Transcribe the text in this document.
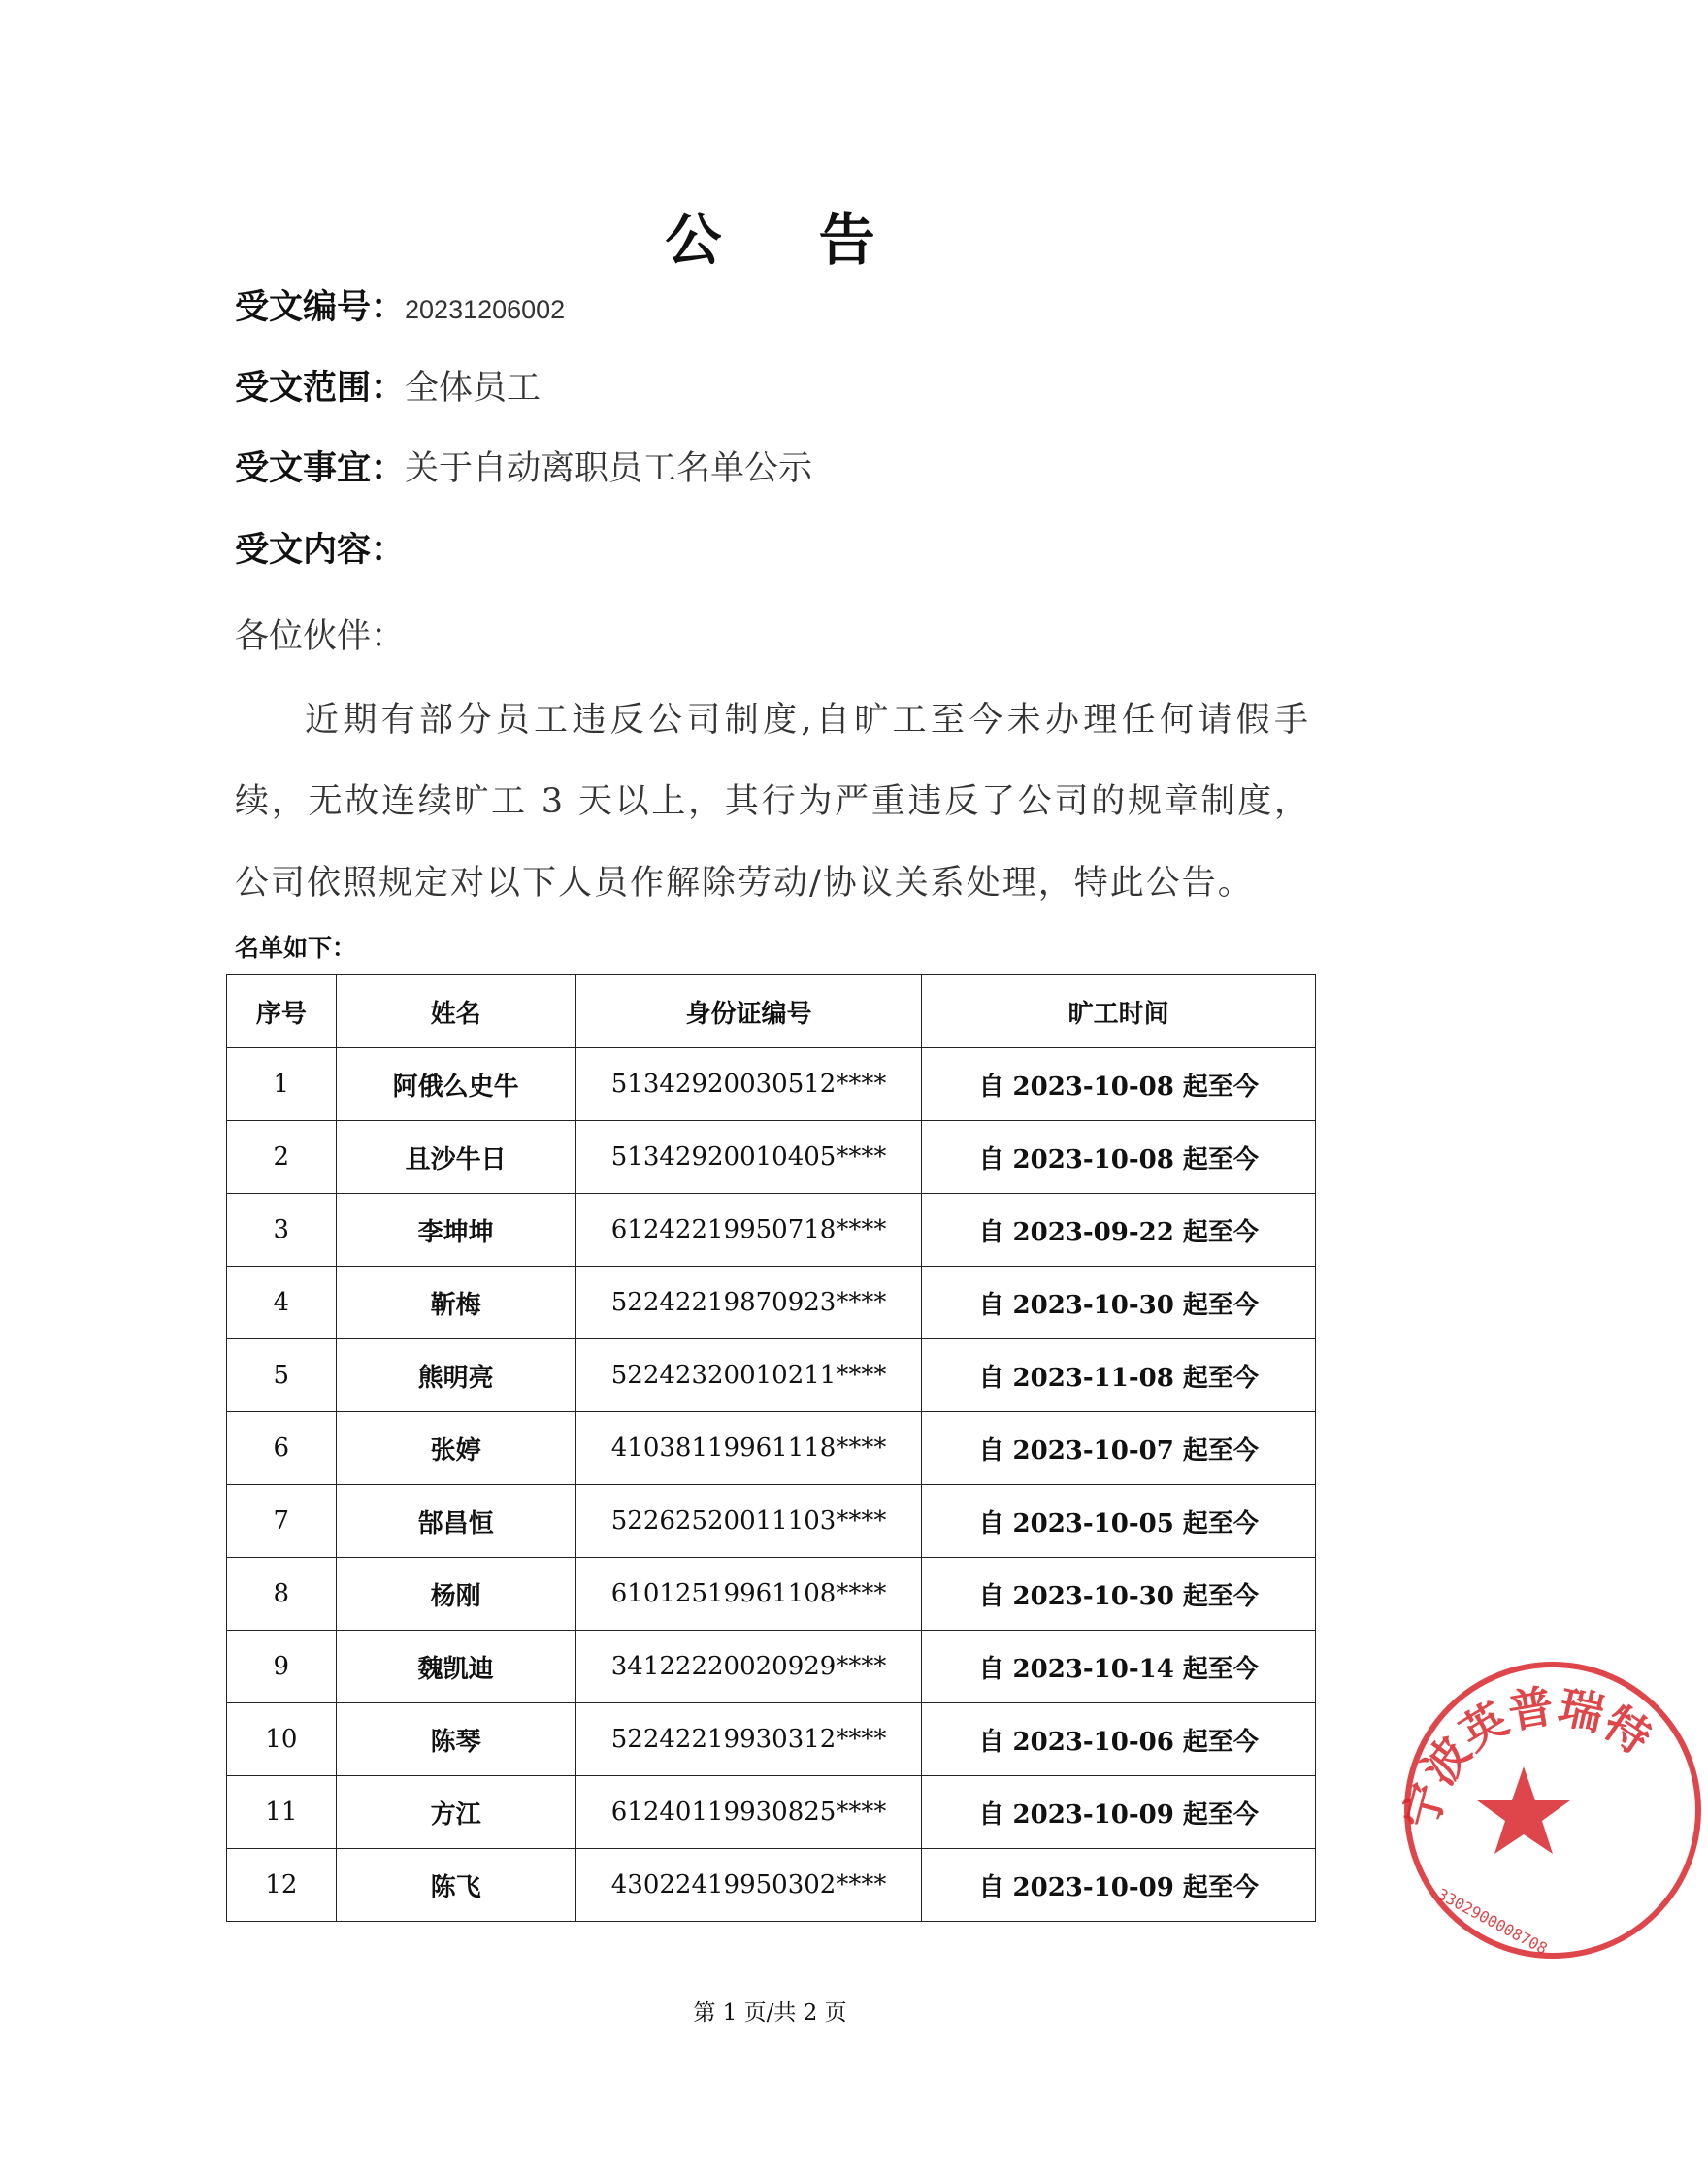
公 告
受文编号：20231206002
受文范围：全体员工
受文事宜：关于自动离职员工名单公示
受文内容：
各位伙伴：
近期有部分员工违反公司制度,自旷工至今未办理任何请假手续，无故连续旷工 3 天以上，其行为严重违反了公司的规章制度，公司依照规定对以下人员作解除劳动/协议关系处理，特此公告。
名单如下：
序号	姓名	身份证编号	旷工时间
1	阿俄么史牛	51342920030512****	自 2023-10-08 起至今
2	且沙牛日	51342920010405****	自 2023-10-08 起至今
3	李坤坤	61242219950718****	自 2023-09-22 起至今
4	靳梅	52242219870923****	自 2023-10-30 起至今
5	熊明亮	52242320010211****	自 2023-11-08 起至今
6	张婷	41038119961118****	自 2023-10-07 起至今
7	郜昌恒	52262520011103****	自 2023-10-05 起至今
8	杨刚	61012519961108****	自 2023-10-30 起至今
9	魏凯迪	34122220020929****	自 2023-10-14 起至今
10	陈琴	52242219930312****	自 2023-10-06 起至今
11	方江	61240119930825****	自 2023-10-09 起至今
12	陈飞	43022419950302****	自 2023-10-09 起至今
第 1 页/共 2 页
宁波英普瑞特
3302900008708
